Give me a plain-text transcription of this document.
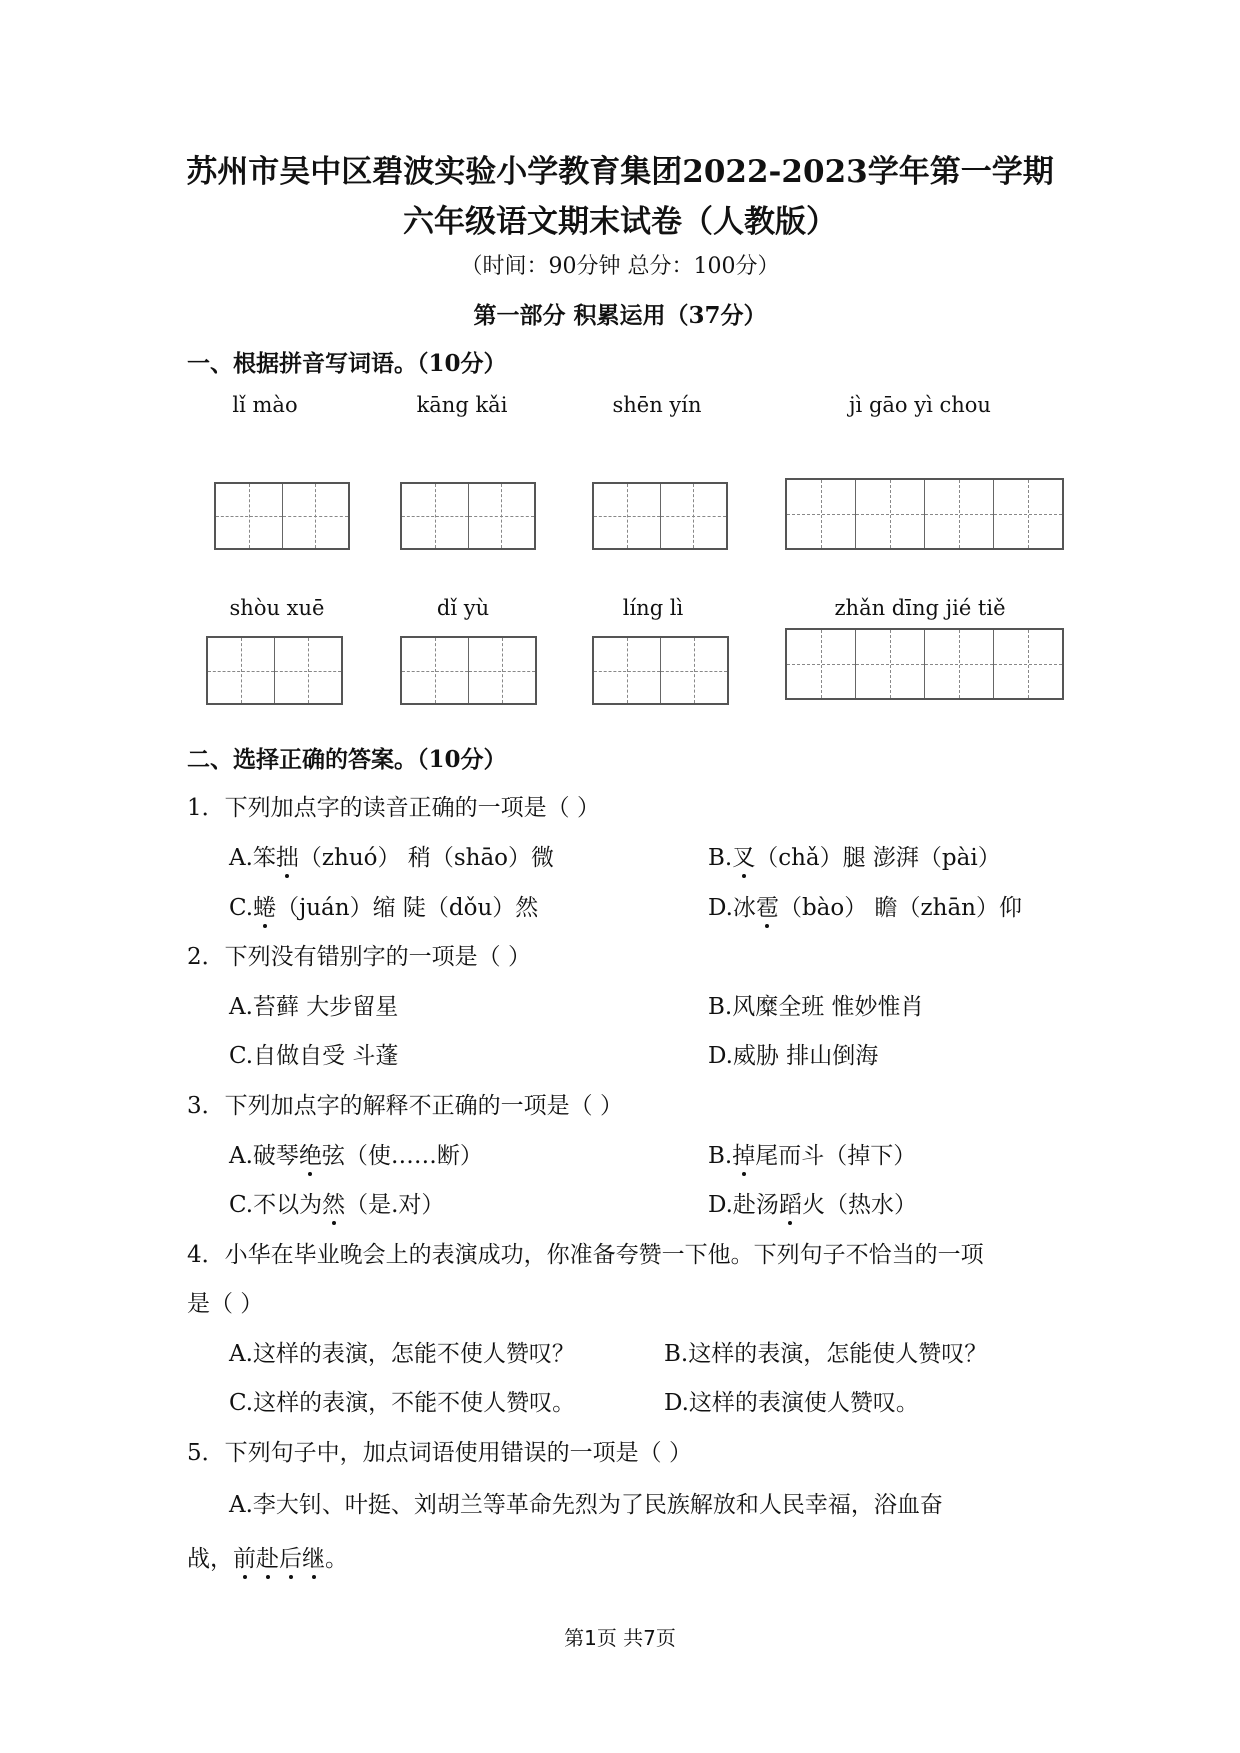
苏州市吴中区碧波实验小学教育集团2022-2023学年第一学期
六年级语文期末试卷（人教版）
（时间：90分钟 总分：100分）
第一部分 积累运用（37分）
一、根据拼音写词语。（10分）
lǐ mào	kāng kǎi	shēn yín	jì gāo yì chou
shòu xuē	dǐ yù	líng lì	zhǎn dīng jié tiě
二、选择正确的答案。（10分）
1．下列加点字的读音正确的一项是（ ）
A.笨拙（zhuó） 稍（shāo）微	B.叉（chǎ）腿 澎湃（pài）
C.蜷（juán）缩 陡（dǒu）然	D.冰雹（bào） 瞻（zhān）仰
2．下列没有错别字的一项是（ ）
A.苔藓 大步留星	B.风糜全班 惟妙惟肖
C.自做自受 斗蓬	D.威胁 排山倒海
3．下列加点字的解释不正确的一项是（ ）
A.破琴绝弦（使……断）	B.掉尾而斗（掉下）
C.不以为然（是.对）	D.赴汤蹈火（热水）
4．小华在毕业晚会上的表演成功，你准备夸赞一下他。下列句子不恰当的一项
是（ ）
A.这样的表演，怎能不使人赞叹？	B.这样的表演，怎能使人赞叹？
C.这样的表演，不能不使人赞叹。	D.这样的表演使人赞叹。
5．下列句子中，加点词语使用错误的一项是（ ）
A.李大钊、叶挺、刘胡兰等革命先烈为了民族解放和人民幸福，浴血奋
战，前赴后继。
第1页 共7页
